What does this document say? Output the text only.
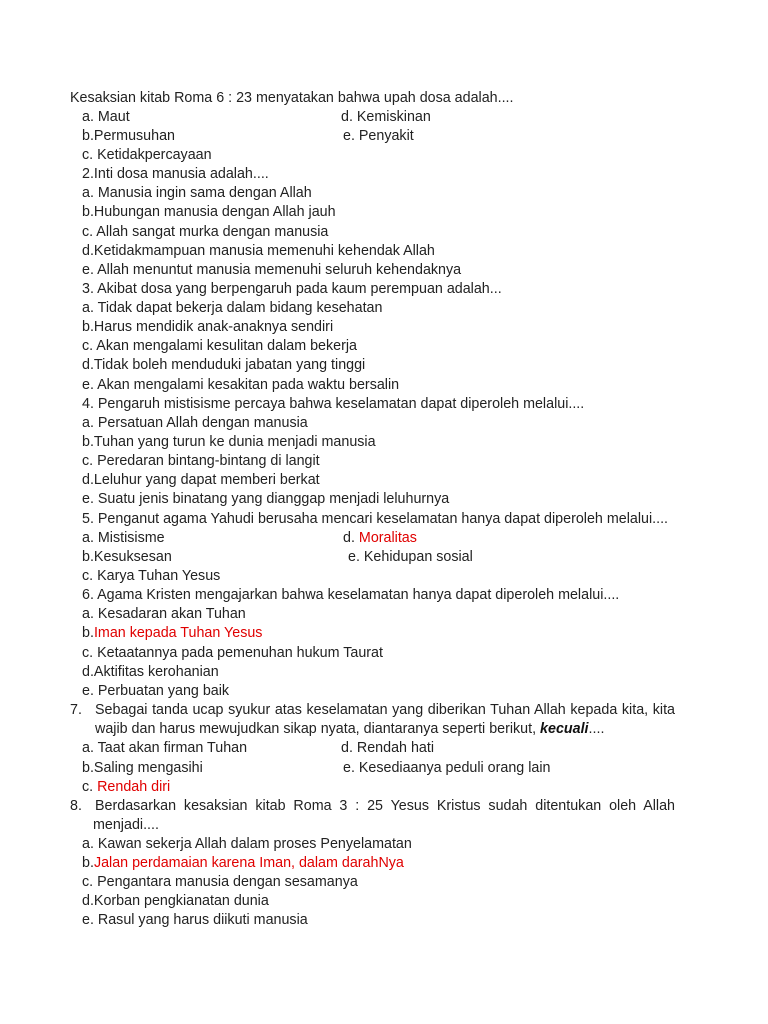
Kesaksian kitab Roma 6 : 23 menyatakan bahwa upah dosa adalah....
a. Maut	d. Kemiskinan
b.Permusuhan	e. Penyakit
c. Ketidakpercayaan
2.Inti dosa manusia adalah....
a. Manusia ingin sama dengan Allah
b.Hubungan manusia dengan Allah jauh
c. Allah sangat murka dengan manusia
d.Ketidakmampuan manusia memenuhi kehendak Allah
e. Allah menuntut manusia memenuhi seluruh kehendaknya
3. Akibat dosa yang berpengaruh pada kaum perempuan adalah...
a. Tidak dapat bekerja dalam bidang kesehatan
b.Harus mendidik anak-anaknya sendiri
c. Akan mengalami kesulitan dalam bekerja
d.Tidak boleh menduduki jabatan yang tinggi
e. Akan mengalami kesakitan pada waktu bersalin
4. Pengaruh mistisisme percaya bahwa keselamatan dapat diperoleh melalui....
a. Persatuan Allah dengan manusia
b.Tuhan yang turun ke dunia menjadi manusia
c. Peredaran bintang-bintang di langit
d.Leluhur yang dapat memberi berkat
e. Suatu jenis binatang yang dianggap menjadi leluhurnya
5. Penganut agama Yahudi berusaha mencari keselamatan hanya dapat diperoleh melalui....
a. Mistisisme	d. Moralitas
b.Kesuksesan	e. Kehidupan sosial
c. Karya Tuhan Yesus
6. Agama Kristen mengajarkan bahwa keselamatan hanya dapat diperoleh melalui....
a. Kesadaran akan Tuhan
b.Iman kepada Tuhan Yesus
c. Ketaatannya pada pemenuhan hukum Taurat
d.Aktifitas kerohanian
e. Perbuatan yang baik
7. Sebagai tanda ucap syukur atas keselamatan yang diberikan Tuhan Allah kepada kita, kita
wajib dan harus mewujudkan sikap nyata, diantaranya seperti berikut, kecuali....
a. Taat akan firman Tuhan	d. Rendah hati
b.Saling mengasihi	e. Kesediaanya peduli orang lain
c. Rendah diri
8. Berdasarkan kesaksian kitab Roma 3 : 25 Yesus Kristus sudah ditentukan oleh Allah
menjadi....
a. Kawan sekerja Allah dalam proses Penyelamatan
b.Jalan perdamaian karena Iman, dalam darahNya
c. Pengantara manusia dengan sesamanya
d.Korban pengkianatan dunia
e. Rasul yang harus diikuti manusia
